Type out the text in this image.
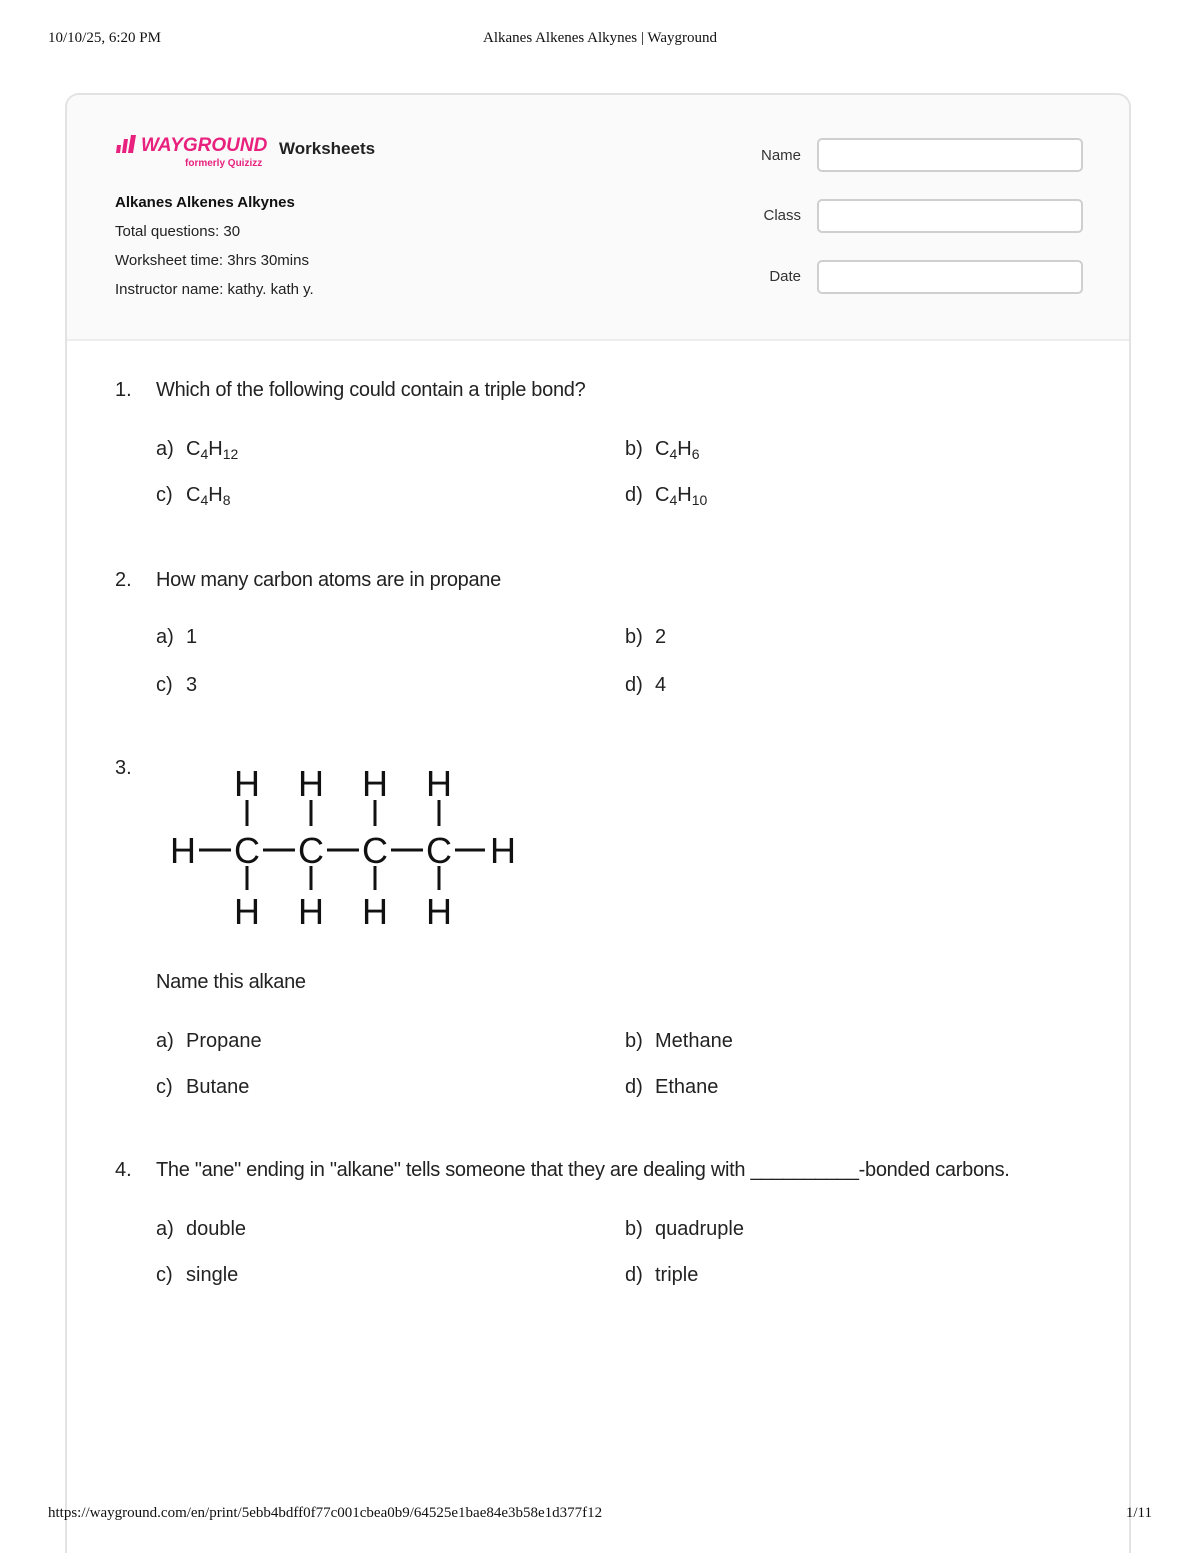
10/10/25, 6:20 PM	Alkanes Alkenes Alkynes | Wayground
WAYGROUND
formerly Quizizz
Worksheets
Alkanes Alkenes Alkynes
Total questions: 30
Worksheet time: 3hrs 30mins
Instructor name: kathy. kath y.
Name
Class
Date
1. Which of the following could contain a triple bond?
a) $C_4H_{12}$	b) $C_4H_6$
c) $C_4H_8$	d) $C_4H_{10}$
2. How many carbon atoms are in propane
a) 1	b) 2
c) 3	d) 4
3.	H H H H
H C C C C H
H H H H
Name this alkane
a) Propane	b) Methane
c) Butane	d) Ethane
4. The "ane" ending in "alkane" tells someone that they are dealing with __________-bonded carbons.
a) double	b) quadruple
c) single	d) triple
https://wayground.com/en/print/5ebb4bdff0f77c001cbea0b9/64525e1bae84e3b58e1d377f12	1/11
